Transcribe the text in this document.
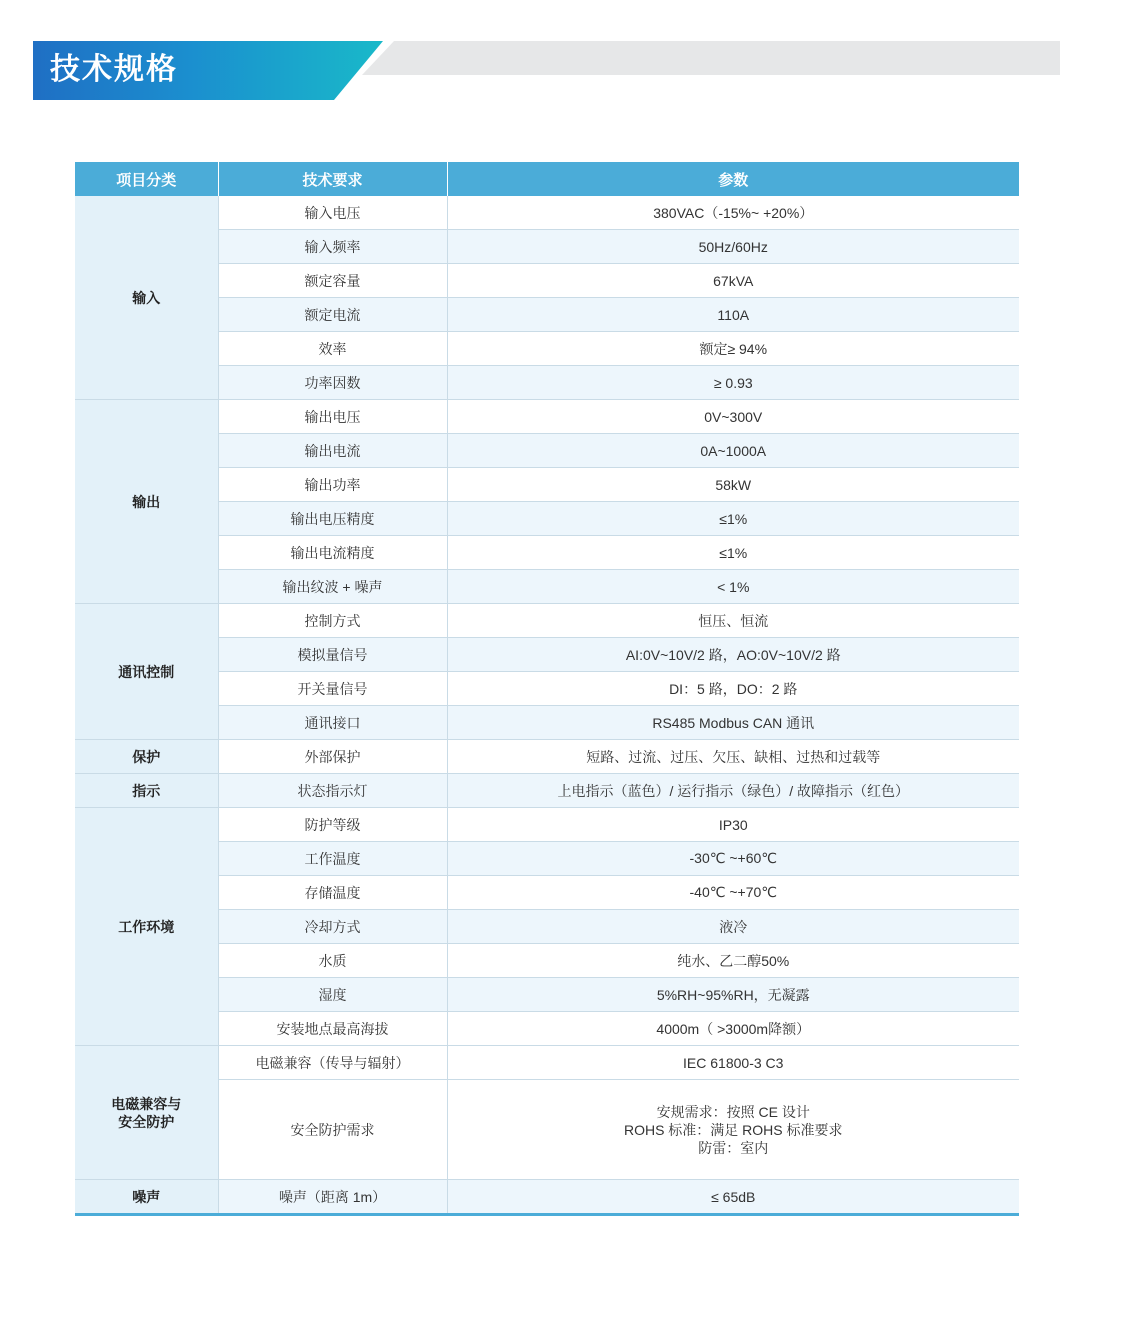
技术规格
项目分类	技术要求	参数
输入	输入电压	380VAC（-15%~ +20%）
	输入频率	50Hz/60Hz
	额定容量	67kVA
	额定电流	110A
	效率	额定≥ 94%
	功率因数	≥ 0.93
输出	输出电压	0V~300V
	输出电流	0A~1000A
	输出功率	58kW
	输出电压精度	≤1%
	输出电流精度	≤1%
	输出纹波 + 噪声	< 1%
通讯控制	控制方式	恒压、恒流
	模拟量信号	AI:0V~10V/2 路，AO:0V~10V/2 路
	开关量信号	DI：5 路，DO：2 路
	通讯接口	RS485 Modbus CAN 通讯
保护	外部保护	短路、过流、过压、欠压、缺相、过热和过载等
指示	状态指示灯	上电指示（蓝色）/ 运行指示（绿色）/ 故障指示（红色）
工作环境	防护等级	IP30
	工作温度	-30℃ ~+60℃
	存储温度	-40℃ ~+70℃
	冷却方式	液冷
	水质	纯水、乙二醇50%
	湿度	5%RH~95%RH，无凝露
	安装地点最高海拔	4000m（ >3000m降额）

电磁兼容与
安全防护	电磁兼容（传导与辐射）	IEC 61800-3 C3
	安全防护需求	安规需求：按照 CE 设计
ROHS 标准：满足 ROHS 标准要求
防雷：室内

噪声	噪声（距离 1m）	≤ 65dB
